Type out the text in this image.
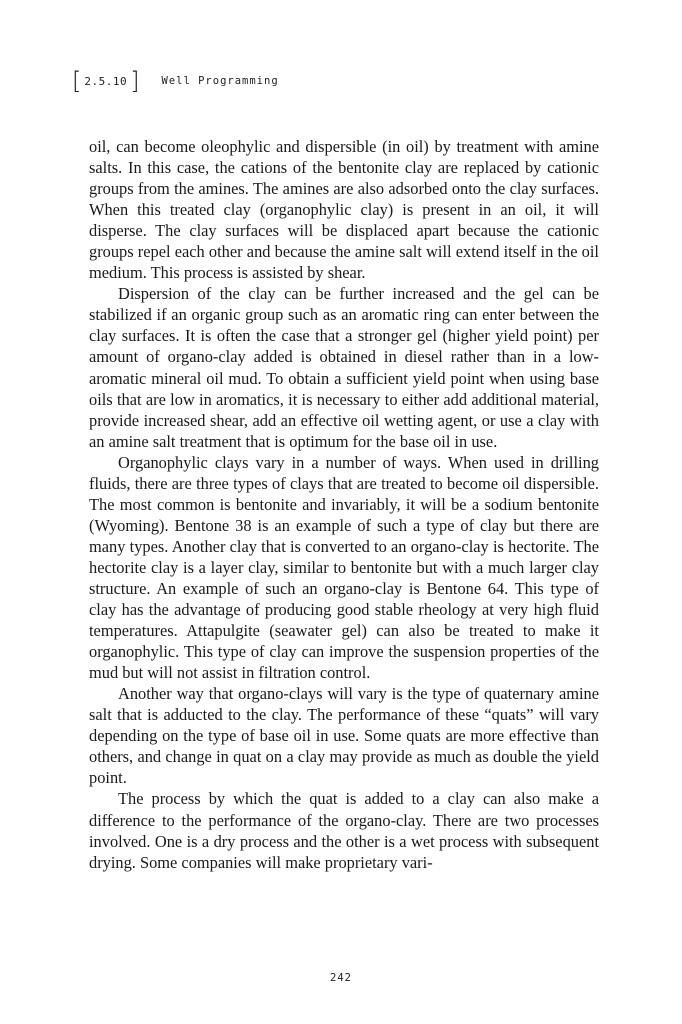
[ 2.5.10 ] Well Programming

oil, can become oleophylic and dispersible (in oil) by treatment with amine salts. In this case, the cations of the bentonite clay are replaced by cationic groups from the amines. The amines are also adsorbed onto the clay surfaces. When this treated clay (organophylic clay) is present in an oil, it will disperse. The clay surfaces will be displaced apart because the cationic groups repel each other and because the amine salt will extend itself in the oil medium. This process is assisted by shear.

Dispersion of the clay can be further increased and the gel can be stabilized if an organic group such as an aromatic ring can enter between the clay surfaces. It is often the case that a stronger gel (higher yield point) per amount of organo-clay added is obtained in diesel rather than in a low-aromatic mineral oil mud. To obtain a sufficient yield point when using base oils that are low in aromatics, it is necessary to either add additional material, provide increased shear, add an effective oil wetting agent, or use a clay with an amine salt treatment that is optimum for the base oil in use.

Organophylic clays vary in a number of ways. When used in drilling fluids, there are three types of clays that are treated to become oil dispersible. The most common is bentonite and invariably, it will be a sodium bentonite (Wyoming). Bentone 38 is an example of such a type of clay but there are many types. Another clay that is converted to an organo-clay is hectorite. The hectorite clay is a layer clay, similar to bentonite but with a much larger clay structure. An example of such an organo-clay is Bentone 64. This type of clay has the advantage of producing good stable rheology at very high fluid temperatures. Attapulgite (seawater gel) can also be treated to make it organophylic. This type of clay can improve the suspension properties of the mud but will not assist in filtration control.

Another way that organo-clays will vary is the type of quaternary amine salt that is adducted to the clay. The performance of these “quats” will vary depending on the type of base oil in use. Some quats are more effective than others, and change in quat on a clay may provide as much as double the yield point.

The process by which the quat is added to a clay can also make a difference to the performance of the organo-clay. There are two processes involved. One is a dry process and the other is a wet process with subsequent drying. Some companies will make proprietary vari-

242
